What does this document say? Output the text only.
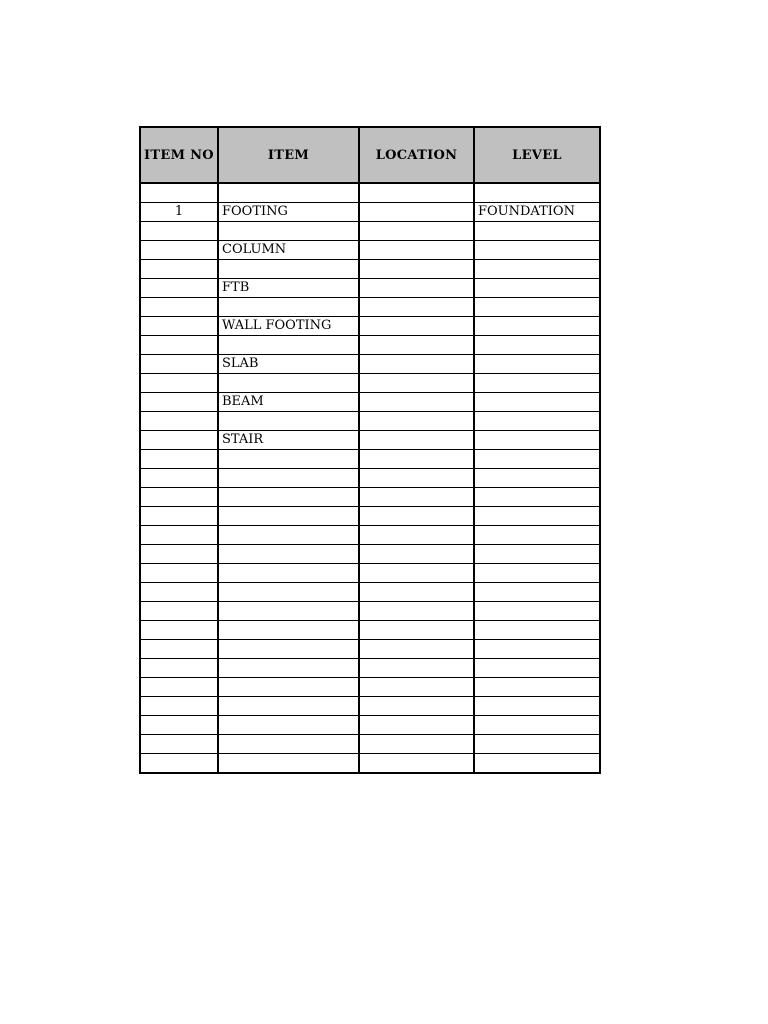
ITEM NO	ITEM	LOCATION	LEVEL

1	FOOTING		FOUNDATION

	COLUMN		

	FTB		

	WALL FOOTING		

	SLAB		

	BEAM		

	STAIR		
